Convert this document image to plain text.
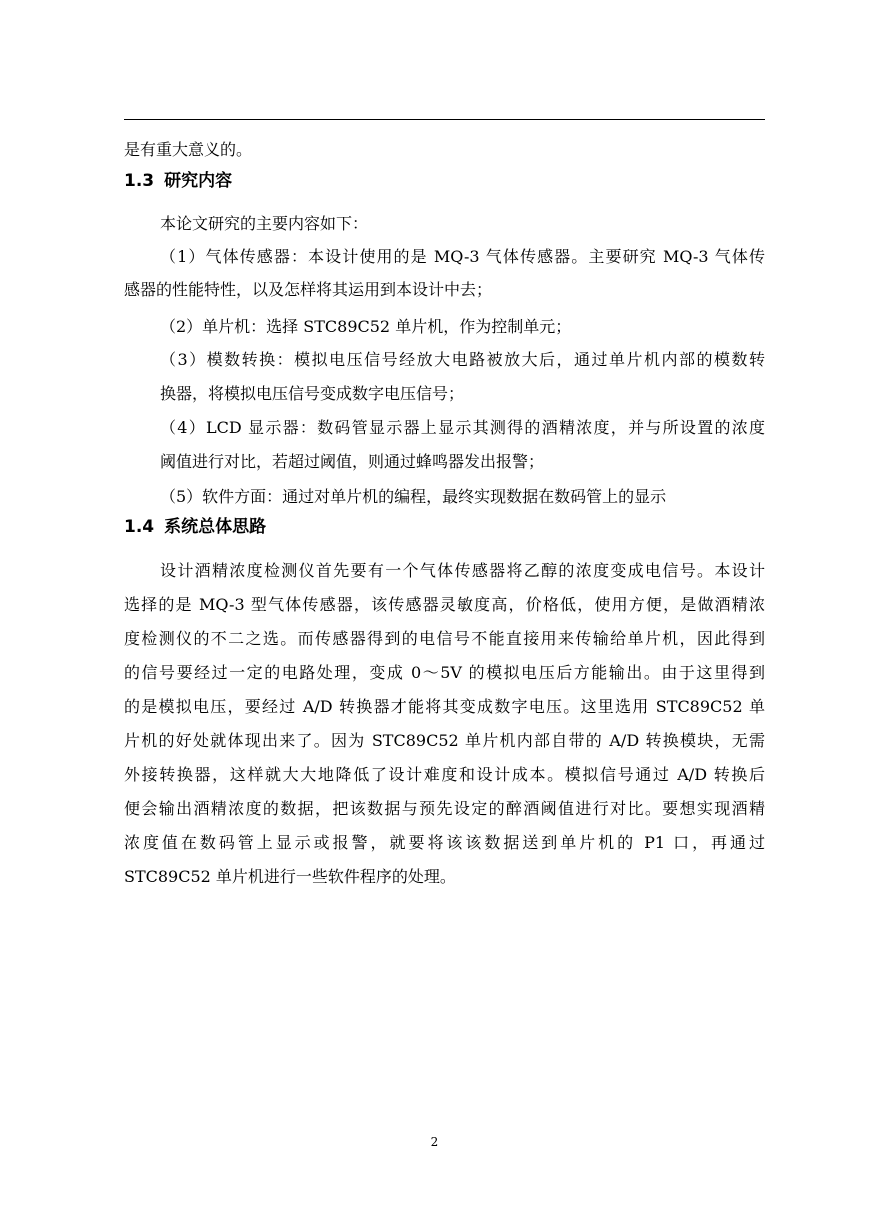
是有重大意义的。
1.3 研究内容
本论文研究的主要内容如下：
（1）气体传感器：本设计使用的是 MQ-3 气体传感器。主要研究 MQ-3 气体传
感器的性能特性，以及怎样将其运用到本设计中去；
（2）单片机：选择 STC89C52 单片机，作为控制单元；
（3）模数转换：模拟电压信号经放大电路被放大后，通过单片机内部的模数转
换器，将模拟电压信号变成数字电压信号；
（4）LCD 显示器：数码管显示器上显示其测得的酒精浓度，并与所设置的浓度
阈值进行对比，若超过阈值，则通过蜂鸣器发出报警；
（5）软件方面：通过对单片机的编程，最终实现数据在数码管上的显示
1.4 系统总体思路
设计酒精浓度检测仪首先要有一个气体传感器将乙醇的浓度变成电信号。本设计
选择的是 MQ-3 型气体传感器，该传感器灵敏度高，价格低，使用方便，是做酒精浓
度检测仪的不二之选。而传感器得到的电信号不能直接用来传输给单片机，因此得到
的信号要经过一定的电路处理，变成 0～5V 的模拟电压后方能输出。由于这里得到
的是模拟电压，要经过 A/D 转换器才能将其变成数字电压。这里选用 STC89C52 单
片机的好处就体现出来了。因为 STC89C52 单片机内部自带的 A/D 转换模块，无需
外接转换器，这样就大大地降低了设计难度和设计成本。模拟信号通过 A/D 转换后
便会输出酒精浓度的数据，把该数据与预先设定的醉酒阈值进行对比。要想实现酒精
浓度值在数码管上显示或报警，就要将该该数据送到单片机的 P1 口，再通过
STC89C52 单片机进行一些软件程序的处理。
2
